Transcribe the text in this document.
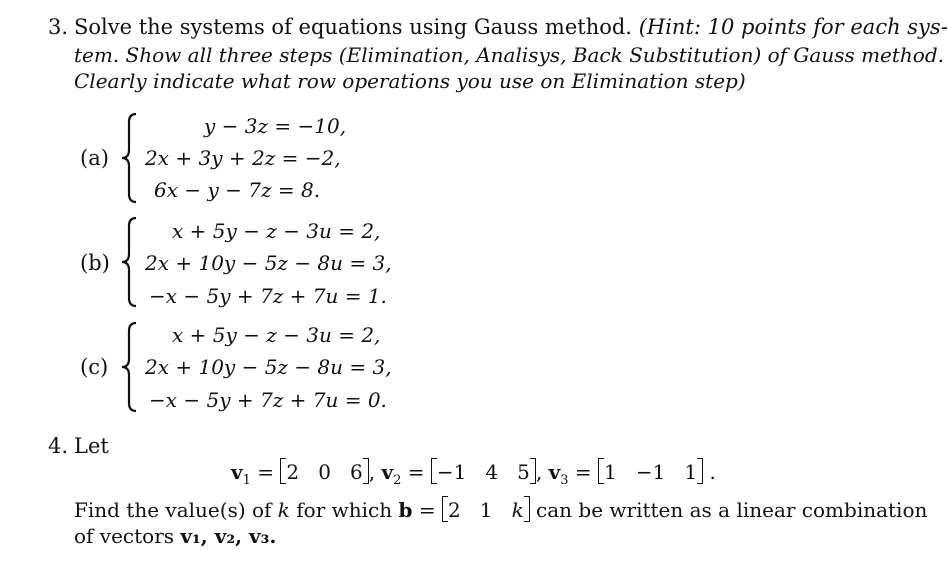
3. Solve the systems of equations using Gauss method. (Hint: 10 points for each sys-
tem. Show all three steps (Elimination, Analisys, Back Substitution) of Gauss method.
Clearly indicate what row operations you use on Elimination step)
(a)
y − 3z = −10,
2x + 3y + 2z = −2,
6x − y − 7z = 8.
(b)
x + 5y − z − 3u = 2,
2x + 10y − 5z − 8u = 3,
−x − 5y + 7z + 7u = 1.
(c)
x + 5y − z − 3u = 2,
2x + 10y − 5z − 8u = 3,
−x − 5y + 7z + 7u = 0.
4. Let
$v_1 = 2$   0   6 , $v_2 = -1$   4   5 , $v_3 = 1 -1$   1 .
Find the value(s) of k for which b = 2   1 k can be written as a linear combination
of vectors v₁, v₂, v₃.
